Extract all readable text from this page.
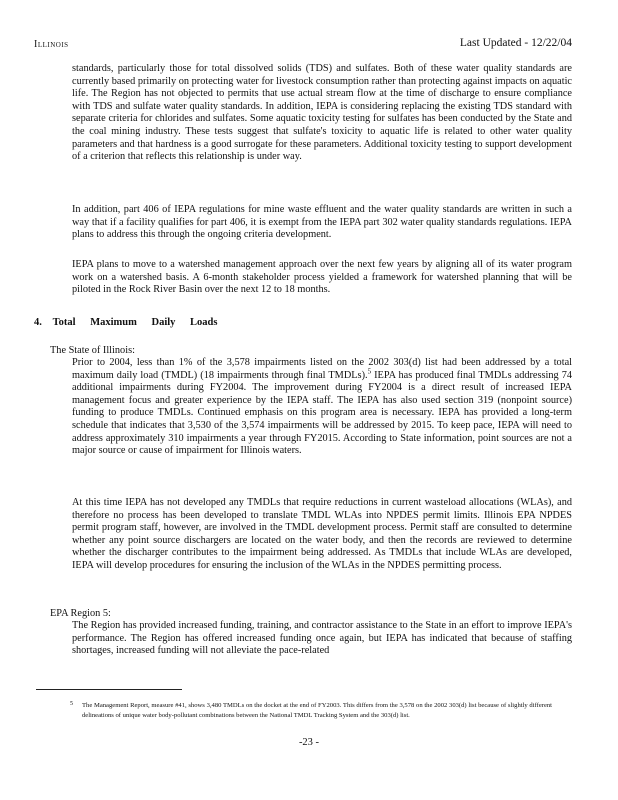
Illinois	Last Updated - 12/22/04

standards, particularly those for total dissolved solids (TDS) and sulfates. Both of these water quality standards are currently based primarily on protecting water for livestock consumption rather than protecting against impacts on aquatic life. The Region has not objected to permits that use actual stream flow at the time of discharge to ensure compliance with TDS and sulfate water quality standards. In addition, IEPA is considering replacing the existing TDS standard with separate criteria for chlorides and sulfates. Some aquatic toxicity testing for sulfates has been conducted by the State and the coal mining industry. These tests suggest that sulfate's toxicity to aquatic life is related to other water quality parameters and that hardness is a good surrogate for these parameters. Additional toxicity testing to support development of a criterion that reflects this relationship is under way.

In addition, part 406 of IEPA regulations for mine waste effluent and the water quality standards are written in such a way that if a facility qualifies for part 406, it is exempt from the IEPA part 302 water quality standards regulations. IEPA plans to address this through the ongoing criteria development.

IEPA plans to move to a watershed management approach over the next few years by aligning all of its water program work on a watershed basis. A 6-month stakeholder process yielded a framework for watershed planning that will be piloted in the Rock River Basin over the next 12 to 18 months.

4. Total Maximum Daily Loads
The State of Illinois:

Prior to 2004, less than 1% of the 3,578 impairments listed on the 2002 303(d) list had been addressed by a total maximum daily load (TMDL) (18 impairments through final TMDLs).$^5$ IEPA has produced final TMDLs addressing 74 additional impairments during FY2004. The improvement during FY2004 is a direct result of increased IEPA management focus and greater experience by the IEPA staff. The IEPA has also used section 319 (nonpoint source) funding to produce TMDLs. Continued emphasis on this program area is necessary. IEPA has provided a long-term schedule that indicates that 3,530 of the 3,574 impairments will be addressed by 2015. To keep pace, IEPA will need to address approximately 310 impairments a year through FY2015. According to State information, point sources are not a major source or cause of impairment for Illinois waters.

At this time IEPA has not developed any TMDLs that require reductions in current wasteload allocations (WLAs), and therefore no process has been developed to translate TMDL WLAs into NPDES permit limits. Illinois EPA NPDES permit program staff, however, are involved in the TMDL development process. Permit staff are consulted to determine whether any point source dischargers are located on the water body, and then the records are reviewed to determine whether the discharger contributes to the impairment being addressed. As TMDLs that include WLAs are developed, IEPA will develop procedures for ensuring the inclusion of the WLAs in the NPDES permitting process.

EPA Region 5:

The Region has provided increased funding, training, and contractor assistance to the State in an effort to improve IEPA's performance. The Region has offered increased funding once again, but IEPA has indicated that because of staffing shortages, increased funding will not alleviate the pace-related

5 The Management Report, measure #41, shows 3,480 TMDLs on the docket at the end of FY2003. This differs from the 3,578 on the 2002 303(d) list because of slightly different delineations of unique water body-pollutant combinations between the National TMDL Tracking System and the 303(d) list.
-23 -
